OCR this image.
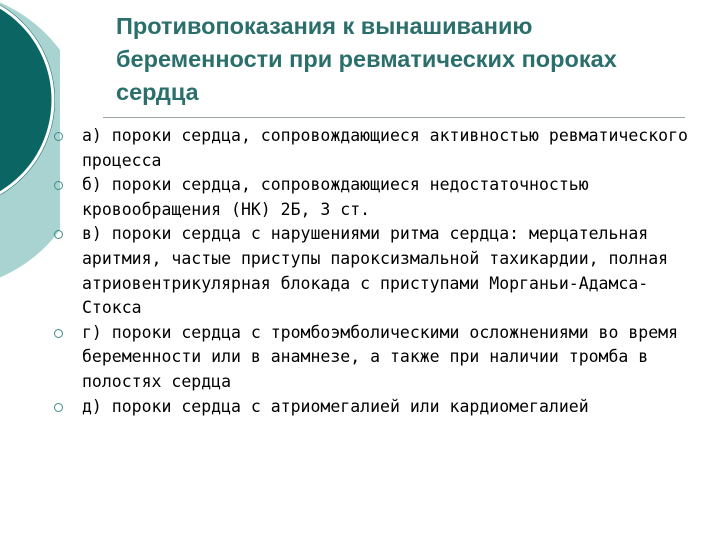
Противопоказания к вынашиванию беременности при ревматических пороках сердца
а) пороки сердца, сопровождающиеся активностью ревматического процесса
б) пороки сердца, сопровождающиеся недостаточностью кровообращения (НК) 2Б, 3 ст.
в) пороки сердца с нарушениями ритма сердца: мерцательная аритмия, частые приступы пароксизмальной тахикардии, полная атриовентрикулярная блокада с приступами Морганьи-Адамса-Стокса
г) пороки сердца с тромбоэмболическими осложнениями во время беременности или в анамнезе, а также при наличии тромба в полостях сердца
д) пороки сердца с атриомегалией или кардиомегалией
